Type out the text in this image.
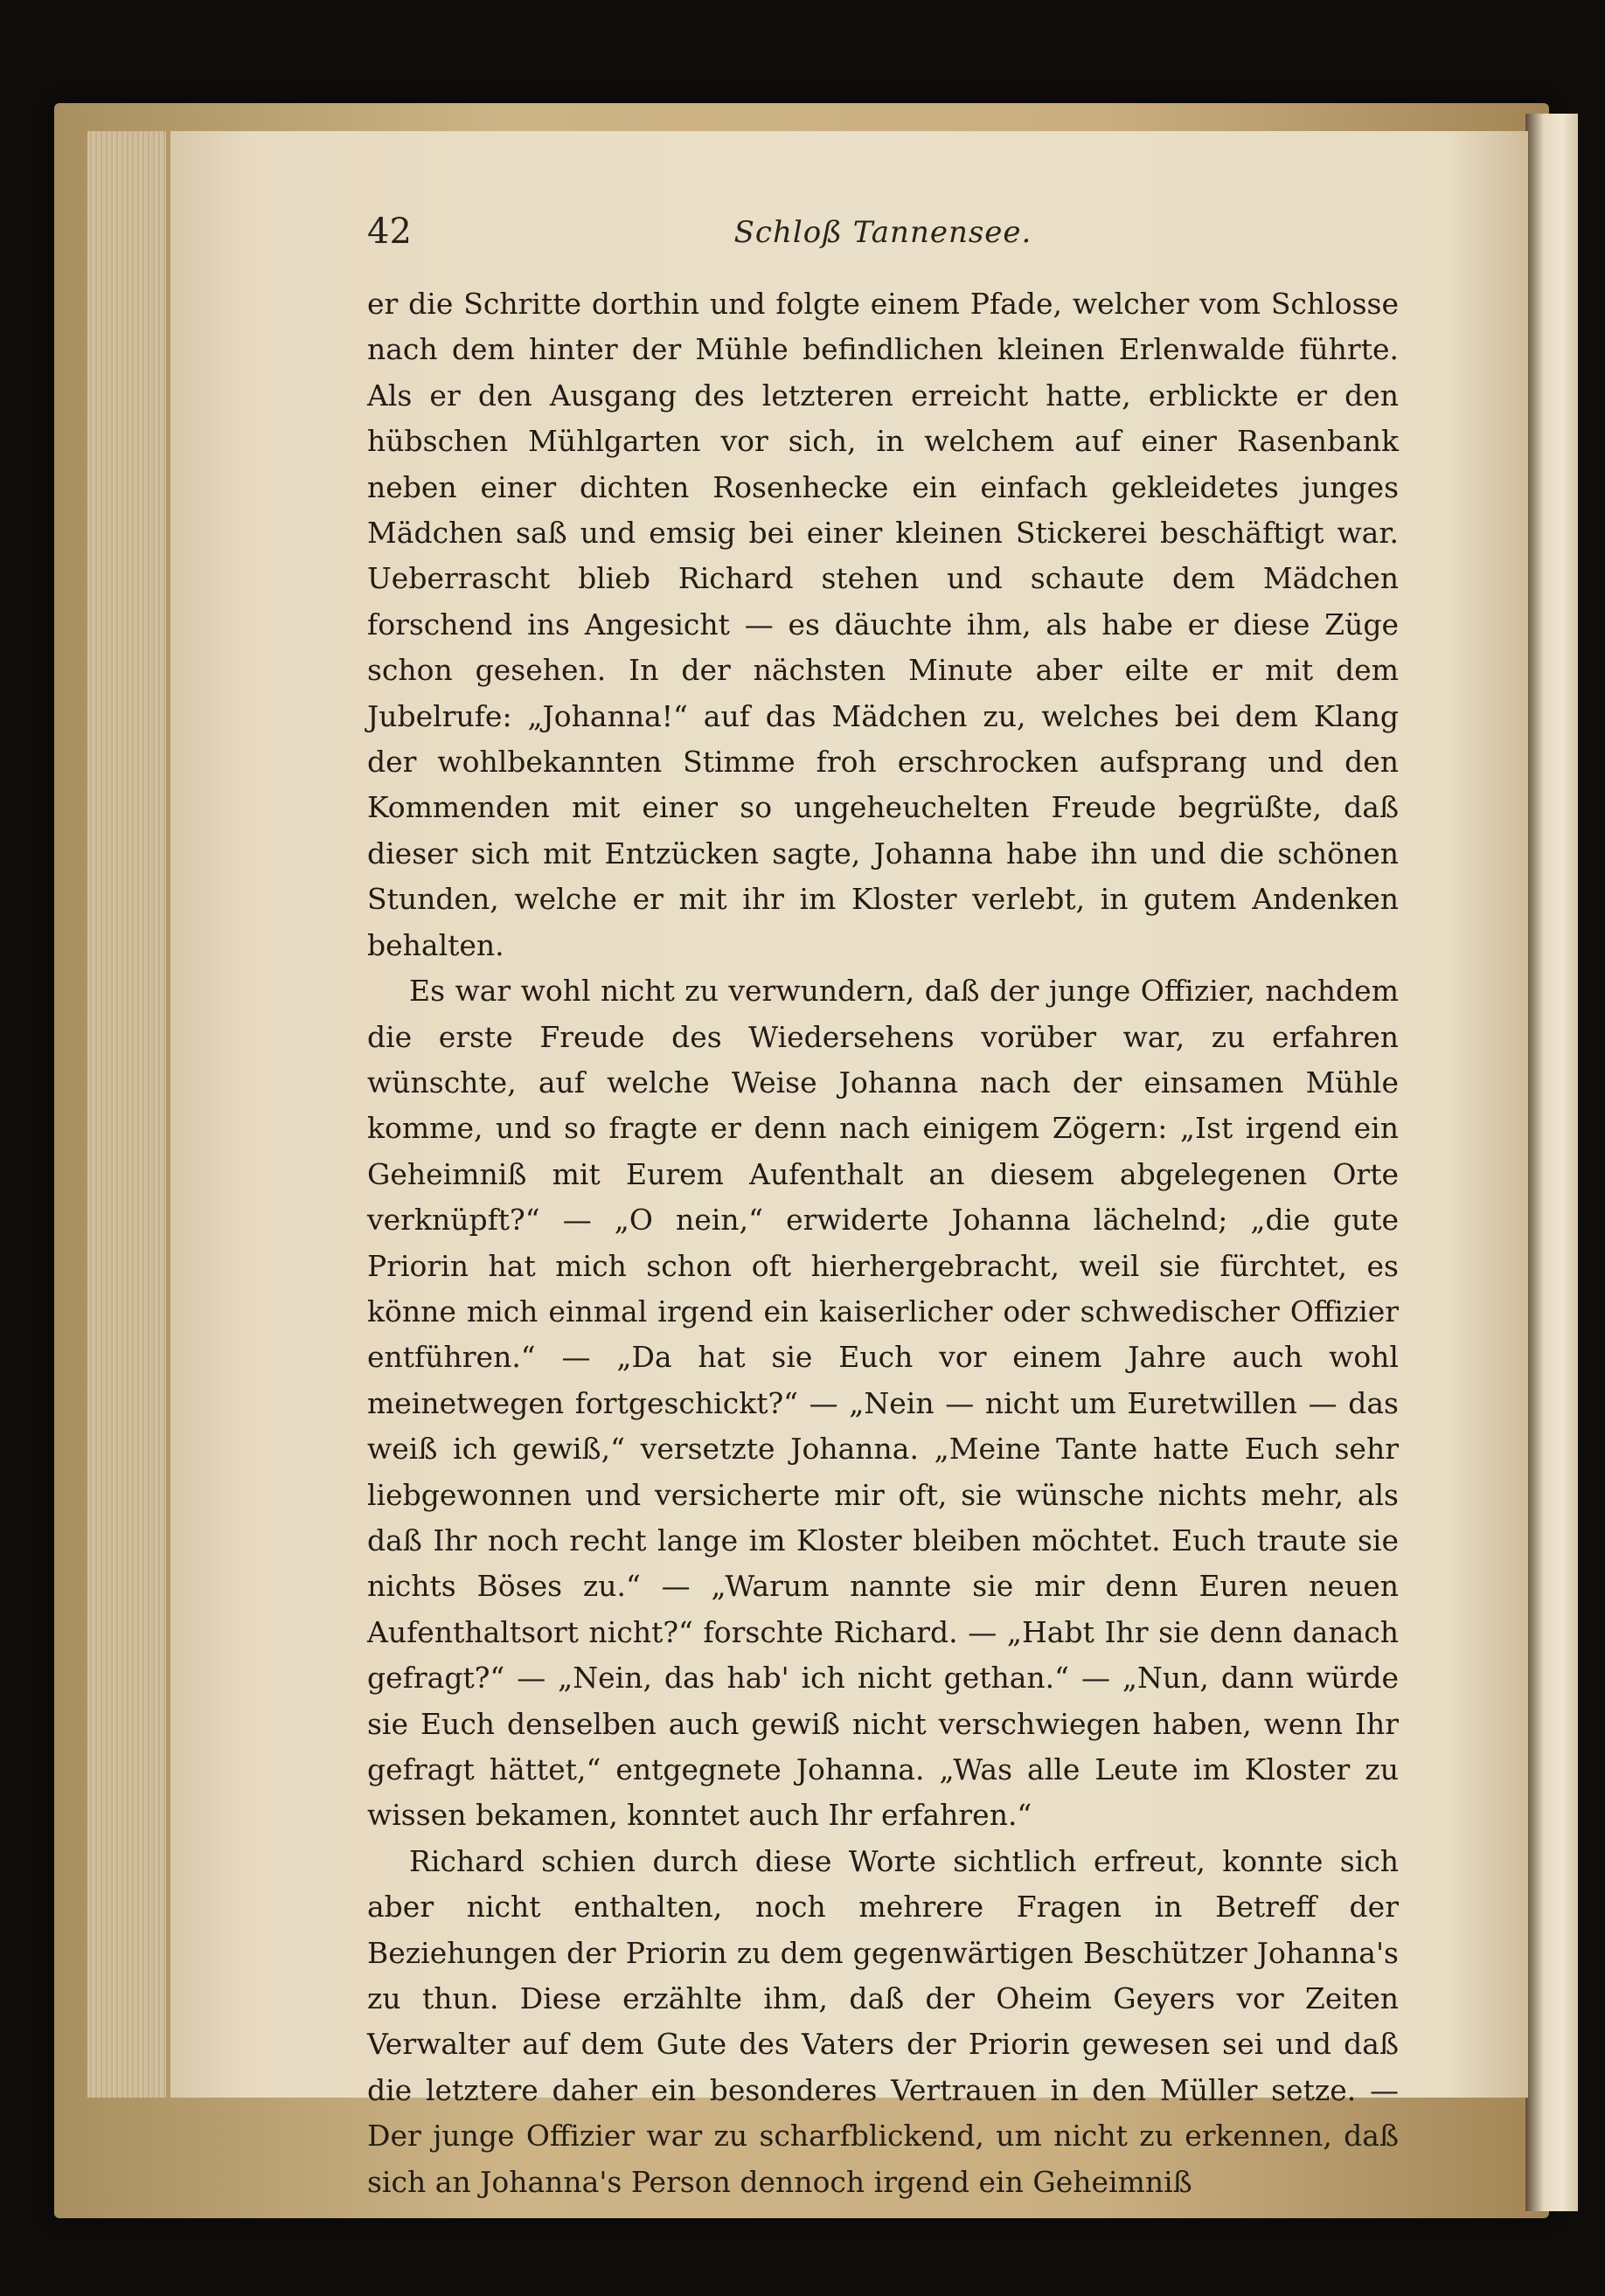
42	Schloß Tannensee.

er die Schritte dorthin und folgte einem Pfade, welcher vom Schlosse nach dem hinter der Mühle befindlichen kleinen Erlenwalde führte. Als er den Ausgang des letzteren erreicht hatte, erblickte er den hübschen Mühlgarten vor sich, in welchem auf einer Rasenbank neben einer dichten Rosenhecke ein einfach gekleidetes junges Mädchen saß und emsig bei einer kleinen Stickerei beschäftigt war. Ueberrascht blieb Richard stehen und schaute dem Mädchen forschend ins Angesicht — es däuchte ihm, als habe er diese Züge schon gesehen. In der nächsten Minute aber eilte er mit dem Jubelrufe: „Johanna!“ auf das Mädchen zu, welches bei dem Klang der wohlbekannten Stimme froh erschrocken aufsprang und den Kommenden mit einer so ungeheuchelten Freude begrüßte, daß dieser sich mit Entzücken sagte, Johanna habe ihn und die schönen Stunden, welche er mit ihr im Kloster verlebt, in gutem Andenken behalten.

Es war wohl nicht zu verwundern, daß der junge Offizier, nachdem die erste Freude des Wiedersehens vorüber war, zu erfahren wünschte, auf welche Weise Johanna nach der einsamen Mühle komme, und so fragte er denn nach einigem Zögern: „Ist irgend ein Geheimniß mit Eurem Aufenthalt an diesem abgelegenen Orte verknüpft?“ — „O nein,“ erwiderte Johanna lächelnd; „die gute Priorin hat mich schon oft hierhergebracht, weil sie fürchtet, es könne mich einmal irgend ein kaiserlicher oder schwedischer Offizier entführen.“ — „Da hat sie Euch vor einem Jahre auch wohl meinetwegen fortgeschickt?“ — „Nein — nicht um Euretwillen — das weiß ich gewiß,“ versetzte Johanna. „Meine Tante hatte Euch sehr liebgewonnen und versicherte mir oft, sie wünsche nichts mehr, als daß Ihr noch recht lange im Kloster bleiben möchtet. Euch traute sie nichts Böses zu.“ — „Warum nannte sie mir denn Euren neuen Aufenthaltsort nicht?“ forschte Richard. — „Habt Ihr sie denn danach gefragt?“ — „Nein, das hab' ich nicht gethan.“ — „Nun, dann würde sie Euch denselben auch gewiß nicht verschwiegen haben, wenn Ihr gefragt hättet,“ entgegnete Johanna. „Was alle Leute im Kloster zu wissen bekamen, konntet auch Ihr erfahren.“

Richard schien durch diese Worte sichtlich erfreut, konnte sich aber nicht enthalten, noch mehrere Fragen in Betreff der Beziehungen der Priorin zu dem gegenwärtigen Beschützer Johanna's zu thun. Diese erzählte ihm, daß der Oheim Geyers vor Zeiten Verwalter auf dem Gute des Vaters der Priorin gewesen sei und daß die letztere daher ein besonderes Vertrauen in den Müller setze. — Der junge Offizier war zu scharfblickend, um nicht zu erkennen, daß sich an Johanna's Person dennoch irgend ein Geheimniß
